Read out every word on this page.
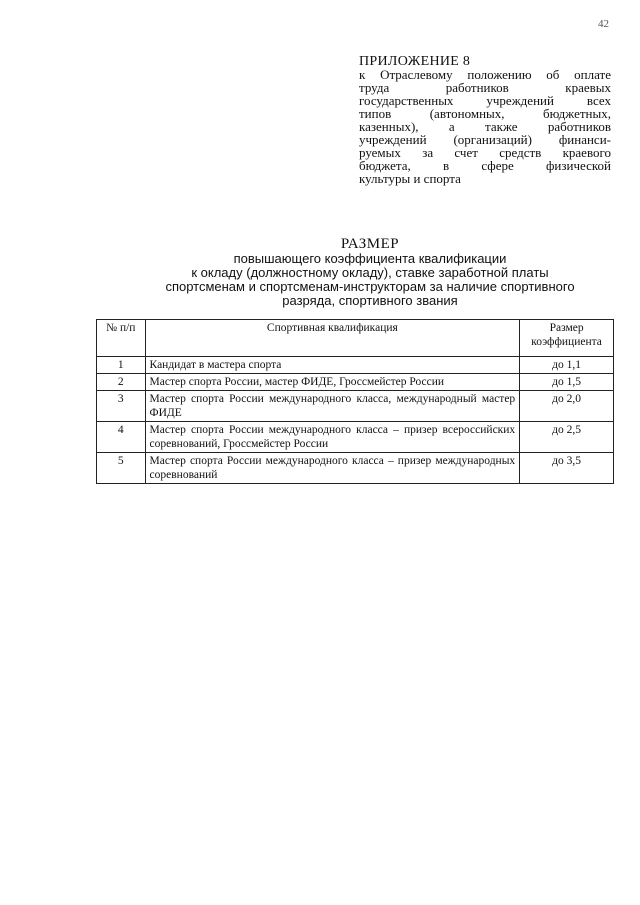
42
ПРИЛОЖЕНИЕ 8
к Отраслевому положению об оплате
труда работников краевых
государственных учреждений всех
типов (автономных, бюджетных,
казенных), а также работников
учреждений (организаций) финанси-
руемых за счет средств краевого
бюджета, в сфере физической
культуры и спорта
РАЗМЕР
повышающего коэффициента квалификации
к окладу (должностному окладу), ставке заработной платы
спортсменам и спортсменам-инструкторам за наличие спортивного
разряда, спортивного звания
№ п/п	Спортивная квалификация	Размер коэффициента
1	Кандидат в мастера спорта	до 1,1
2	Мастер спорта России, мастер ФИДЕ, Гроссмейстер России	до 1,5
3	Мастер спорта России международного класса, международный мастер ФИДЕ	до 2,0
4	Мастер спорта России международного класса – призер всероссийских соревнований, Гроссмейстер России	до 2,5
5	Мастер спорта России международного класса – призер международных соревнований	до 3,5
